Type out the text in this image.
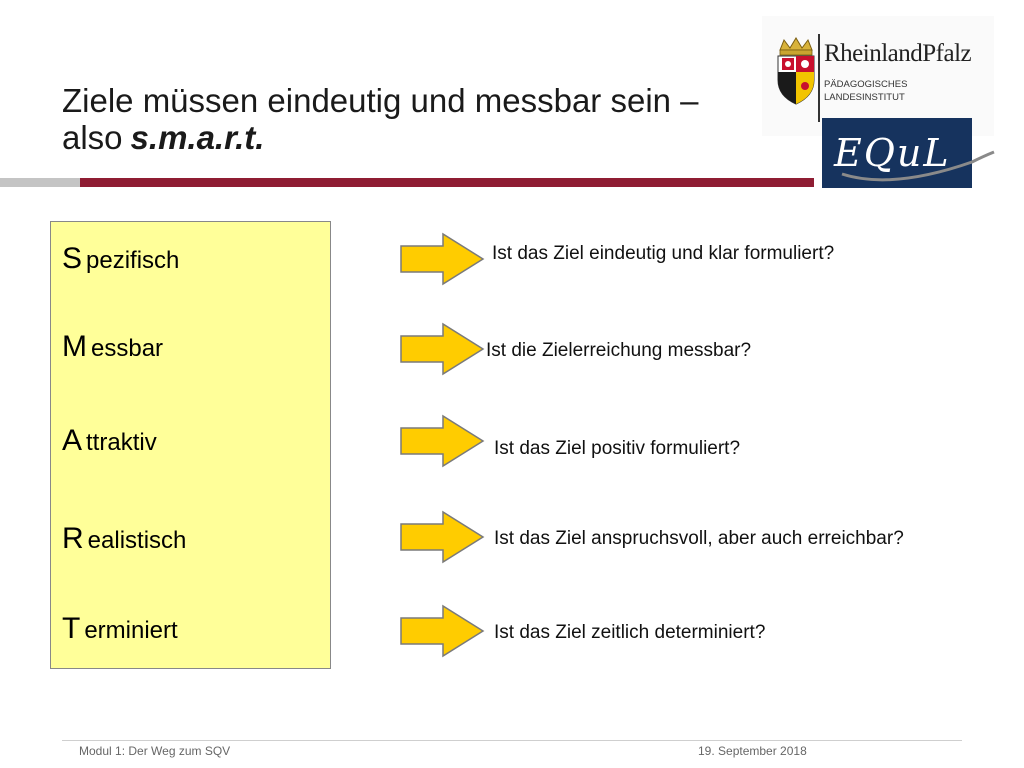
Ziele müssen eindeutig und messbar sein –
also s.m.a.r.t.
RheinlandPfalz
PÄDAGOGISCHES
LANDESINSTITUT
EQuL
S pezifisch
M essbar
A ttraktiv
R ealistisch
T erminiert
Ist das Ziel eindeutig und klar formuliert?
Ist die Zielerreichung messbar?
Ist das Ziel positiv formuliert?
Ist das Ziel anspruchsvoll, aber auch erreichbar?
Ist das Ziel zeitlich determiniert?
Modul 1: Der Weg zum SQV	19. September 2018
